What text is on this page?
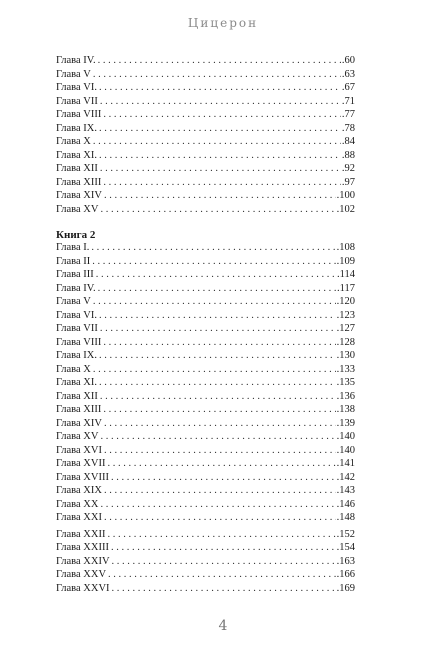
Цицерон
Глава IV. . . .	.60
Глава V . . .	.63
Глава VI. . . .	.67
Глава VII . . .	.71
Глава VIII . . .	.77
Глава IX. . . .	.78
Глава X . . .	.84
Глава XI. . . .	.88
Глава XII . . .	.92
Глава XIII . . .	.97
Глава XIV . . .	.100
Глава XV . . .	.102
Книга 2
Глава I. . . .	.108
Глава II . . .	.109
Глава III . . .	.114
Глава IV. . . .	.117
Глава V . . .	.120
Глава VI. . . .	.123
Глава VII . . .	.127
Глава VIII . . .	.128
Глава IX. . . .	.130
Глава X . . .	.133
Глава XI. . . .	.135
Глава XII . . .	.136
Глава XIII . . .	.138
Глава XIV . . .	.139
Глава XV . . .	.140
Глава XVI . . .	.140
Глава XVII . . .	.141
Глава XVIII . . .	.142
Глава XIX . . .	.143
Глава XX . . .	.146
Глава XXI . . .	.148
Глава XXII . . .	.152
Глава XXIII . . .	.154
Глава XXIV . . .	.163
Глава XXV . . .	.166
Глава XXVI . . .	.169
4
